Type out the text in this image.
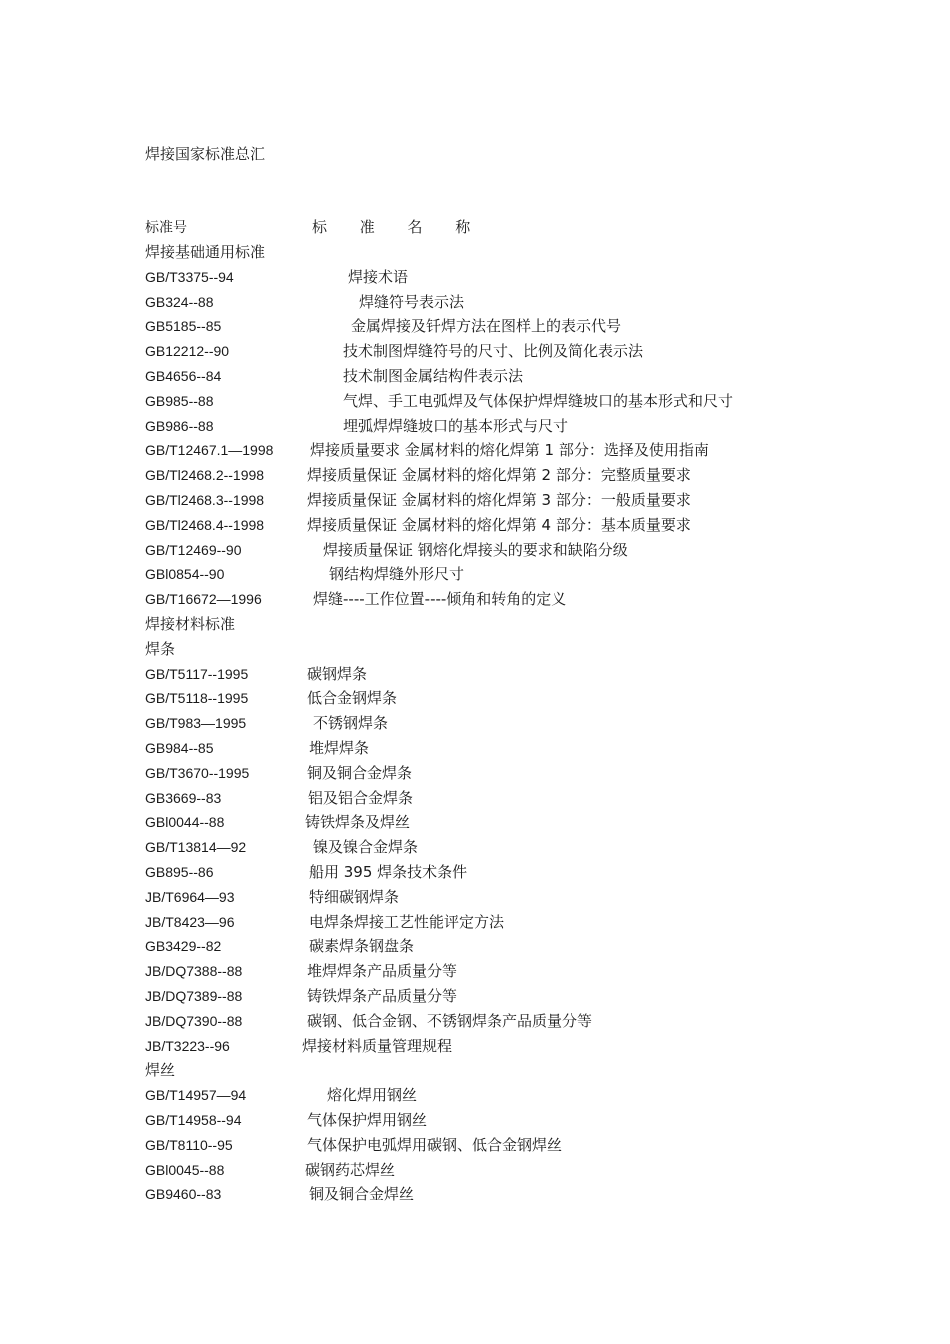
焊接国家标准总汇
标准号	标 准 名 称
焊接基础通用标准
GB/T3375--94	焊接术语
GB324--88	焊缝符号表示法
GB5185--85	金属焊接及钎焊方法在图样上的表示代号
GB12212--90	技术制图焊缝符号的尺寸、比例及简化表示法
GB4656--84	技术制图金属结构件表示法
GB985--88	气焊、手工电弧焊及气体保护焊焊缝坡口的基本形式和尺寸
GB986--88	埋弧焊焊缝坡口的基本形式与尺寸
GB/T12467.1—1998 焊接质量要求 金属材料的熔化焊第 1 部分：选择及使用指南
GB/Tl2468.2--1998	焊接质量保证 金属材料的熔化焊第 2 部分：完整质量要求
GB/Tl2468.3--1998	焊接质量保证 金属材料的熔化焊第 3 部分：一般质量要求
GB/Tl2468.4--1998	焊接质量保证 金属材料的熔化焊第 4 部分：基本质量要求
GB/T12469--90	焊接质量保证 钢熔化焊接头的要求和缺陷分级
GBl0854--90	钢结构焊缝外形尺寸
GB/T16672—1996	焊缝----工作位置----倾角和转角的定义
焊接材料标准
焊条
GB/T5117--1995	碳钢焊条
GB/T5118--1995	低合金钢焊条
GB/T983—1995	不锈钢焊条
GB984--85	堆焊焊条
GB/T3670--1995	铜及铜合金焊条
GB3669--83	铝及铝合金焊条
GBl0044--88	铸铁焊条及焊丝
GB/T13814—92	镍及镍合金焊条
GB895--86	船用 395 焊条技术条件
JB/T6964—93	特细碳钢焊条
JB/T8423—96	电焊条焊接工艺性能评定方法
GB3429--82	碳素焊条钢盘条
JB/DQ7388--88	堆焊焊条产品质量分等
JB/DQ7389--88	铸铁焊条产品质量分等
JB/DQ7390--88	碳钢、低合金钢、不锈钢焊条产品质量分等
JB/T3223--96	焊接材料质量管理规程
焊丝
GB/T14957—94	熔化焊用钢丝
GB/T14958--94	气体保护焊用钢丝
GB/T8110--95	气体保护电弧焊用碳钢、低合金钢焊丝
GBl0045--88	碳钢药芯焊丝
GB9460--83	铜及铜合金焊丝
